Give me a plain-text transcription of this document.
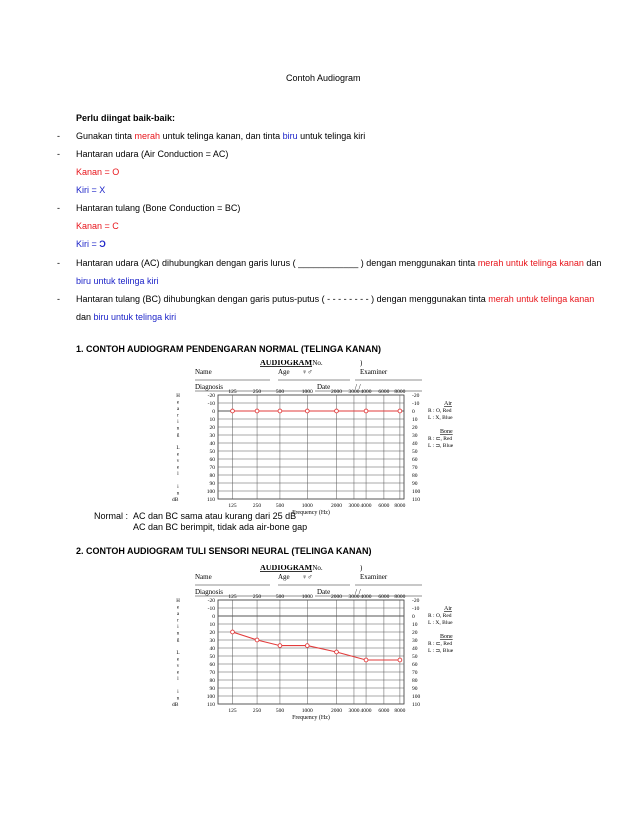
Contoh Audiogram
Perlu diingat baik-baik:
- Gunakan tinta merah untuk telinga kanan, dan tinta biru untuk telinga kiri
- Hantaran udara (Air Conduction = AC)
Kanan = O
Kiri = X
- Hantaran tulang (Bone Conduction = BC)
Kanan = C
Kiri = Ɔ
- Hantaran udara (AC) dihubungkan dengan garis lurus ( ____________ ) dengan menggunakan tinta merah untuk telinga kanan dan
biru untuk telinga kiri
- Hantaran tulang (BC) dihubungkan dengan garis putus-putus ( - - - - - - - - ) dengan menggunakan tinta merah untuk telinga kanan
dan biru untuk telinga kiri
1. CONTOH AUDIOGRAM PENDENGARAN NORMAL (TELINGA KANAN)
AUDIOGRAM
(No.	)
Name	Age ♀♂	Examiner
Diagnosis	Date	/ /
125	250	500	1000	2000 3000 4000 6000 8000
-20	-20
-10	-10
0	0
10	10
20	20
30	30
40	40
50	50
60	60
70	70
80	80
90	90
100	100
110	110
H
e
a
r
i
n
g
L
e
v
e
l
i
n
dB
125	250	500	1000	2000 3000 4000 6000 8000
Frequency (Hz)
Air
R : O, Red
L : X, Blue
Bone
R : ⊏, Red
L : ⊐, Blue
Normal : AC dan BC sama atau kurang dari 25 dB
AC dan BC berimpit, tidak ada air-bone gap
2. CONTOH AUDIOGRAM TULI SENSORI NEURAL (TELINGA KANAN)
AUDIOGRAM
(No.	)
Name	Age ♀♂	Examiner
Diagnosis	Date	/ /
125	250	500	1000	2000 3000 4000 6000 8000
-20	-20
-10	-10
0	0
10	10
20	20
30	30
40	40
50	50
60	60
70	70
80	80
90	90
100	100
110	110
H
e
a
r
i
n
g
L
e
v
e
l
i
n
dB
125	250	500	1000	2000 3000 4000 6000 8000
Frequency (Hz)
Air
R : O, Red
L : X, Blue
Bone
R : ⊏, Red
L : ⊐, Blue
